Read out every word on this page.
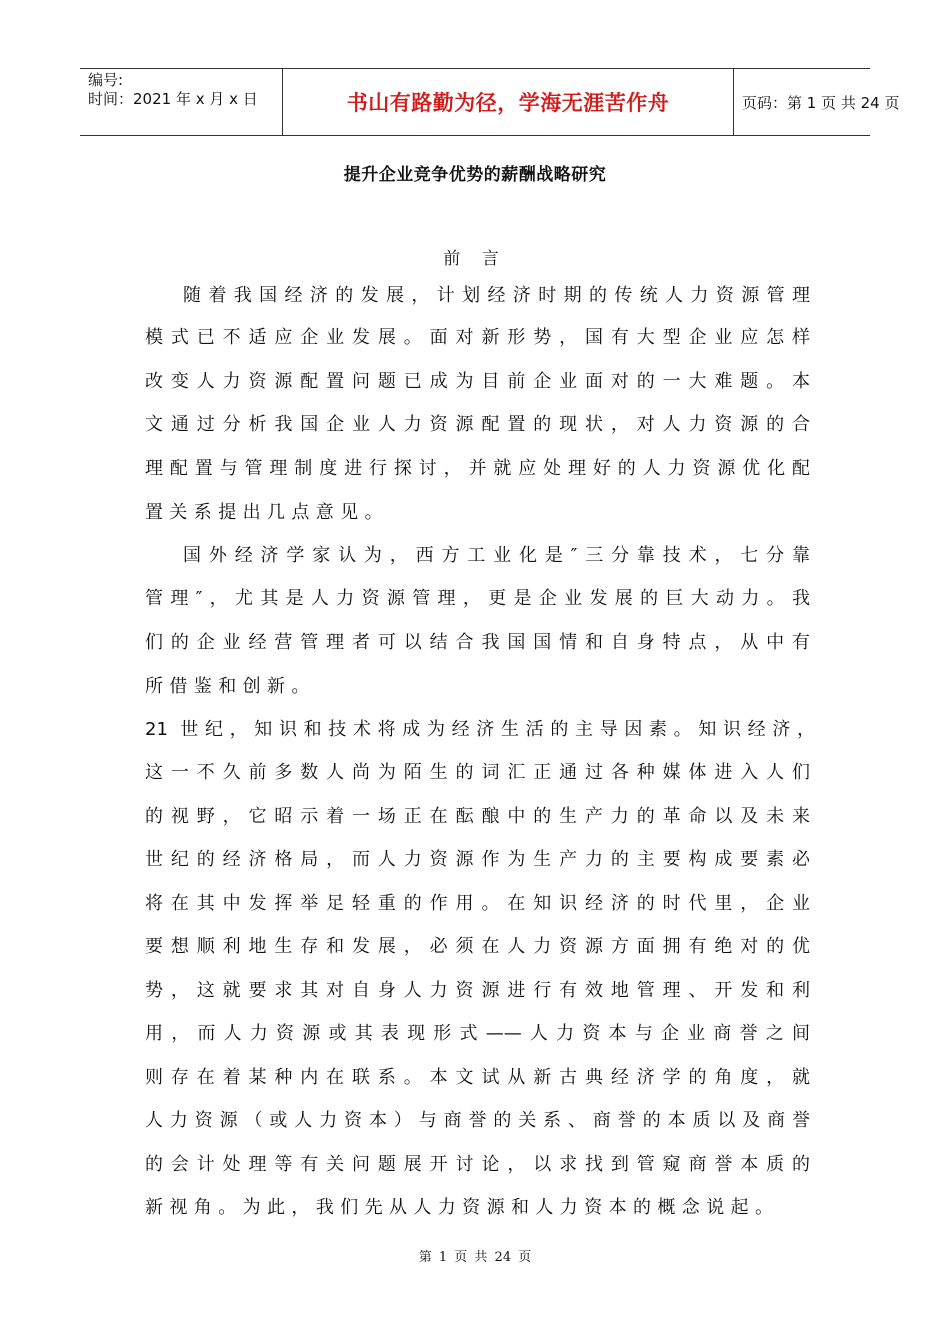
编号:
时间：2021 年 x 月 x 日	书山有路勤为径，学海无涯苦作舟	页码：第 1 页 共 24 页
提升企业竞争优势的薪酬战略研究
前 言
随着我国经济的发展，计划经济时期的传统人力资源管理
模式已不适应企业发展。面对新形势，国有大型企业应怎样
改变人力资源配置问题已成为目前企业面对的一大难题。本
文通过分析我国企业人力资源配置的现状，对人力资源的合
理配置与管理制度进行探讨，并就应处理好的人力资源优化配
置关系提出几点意见。
国外经济学家认为，西方工业化是″三分靠技术，七分靠
管理″，尤其是人力资源管理，更是企业发展的巨大动力。我
们的企业经营管理者可以结合我国国情和自身特点，从中有
所借鉴和创新。
21 世纪，知识和技术将成为经济生活的主导因素。知识经济，
这一不久前多数人尚为陌生的词汇正通过各种媒体进入人们
的视野，它昭示着一场正在酝酿中的生产力的革命以及未来
世纪的经济格局，而人力资源作为生产力的主要构成要素必
将在其中发挥举足轻重的作用。在知识经济的时代里，企业
要想顺利地生存和发展，必须在人力资源方面拥有绝对的优
势，这就要求其对自身人力资源进行有效地管理、开发和利
用，而人力资源或其表现形式——人力资本与企业商誉之间
则存在着某种内在联系。本文试从新古典经济学的角度，就
人力资源（或人力资本）与商誉的关系、商誉的本质以及商誉
的会计处理等有关问题展开讨论，以求找到管窥商誉本质的
新视角。为此，我们先从人力资源和人力资本的概念说起。
第 1 页 共 24 页
